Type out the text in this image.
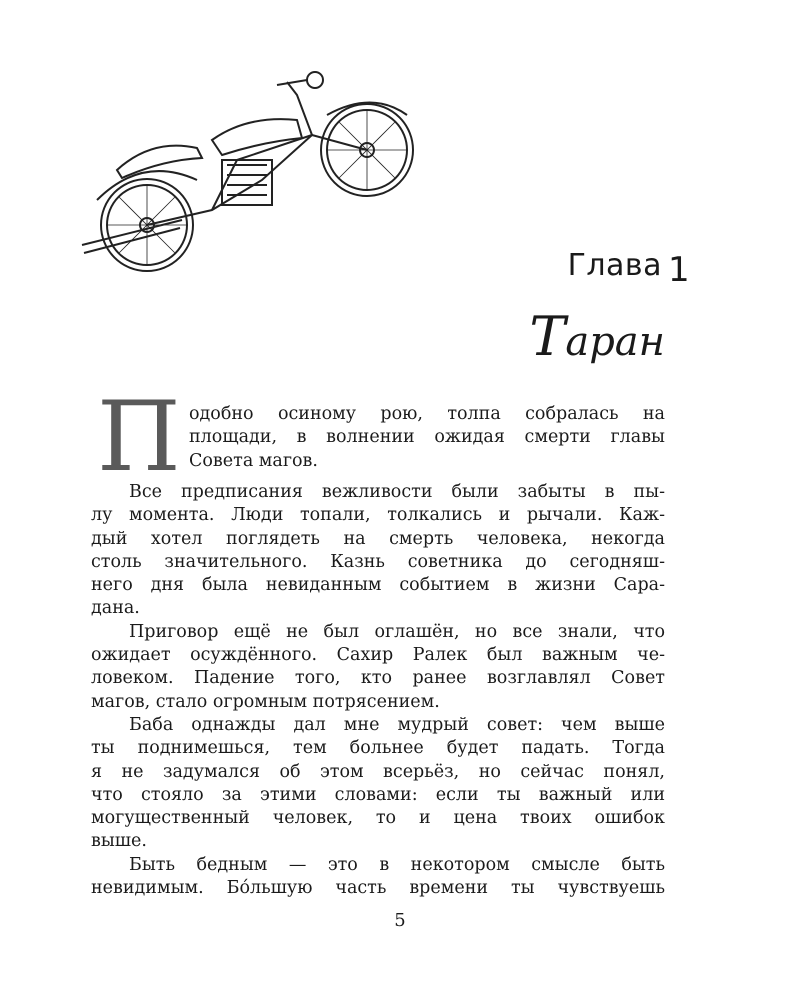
Глава 1
Таран
П одобно осиному рою, толпа собралась на
площади, в волнении ожидая смерти главы
Совета магов.
Все предписания вежливости были забыты в пы-
лу момента. Люди топали, толкались и рычали. Каж-
дый хотел поглядеть на смерть человека, некогда
столь значительного. Казнь советника до сегодняш-
него дня была невиданным событием в жизни Сара-
дана.
Приговор ещё не был оглашён, но все знали, что
ожидает осуждённого. Сахир Ралек был важным че-
ловеком. Падение того, кто ранее возглавлял Совет
магов, стало огромным потрясением.
Баба однажды дал мне мудрый совет: чем выше
ты поднимешься, тем больнее будет падать. Тогда
я не задумался об этом всерьёз, но сейчас понял,
что стояло за этими словами: если ты важный или
могущественный человек, то и цена твоих ошибок
выше.
Быть бедным — это в некотором смысле быть
невидимым. Бóльшую часть времени ты чувствуешь
5
